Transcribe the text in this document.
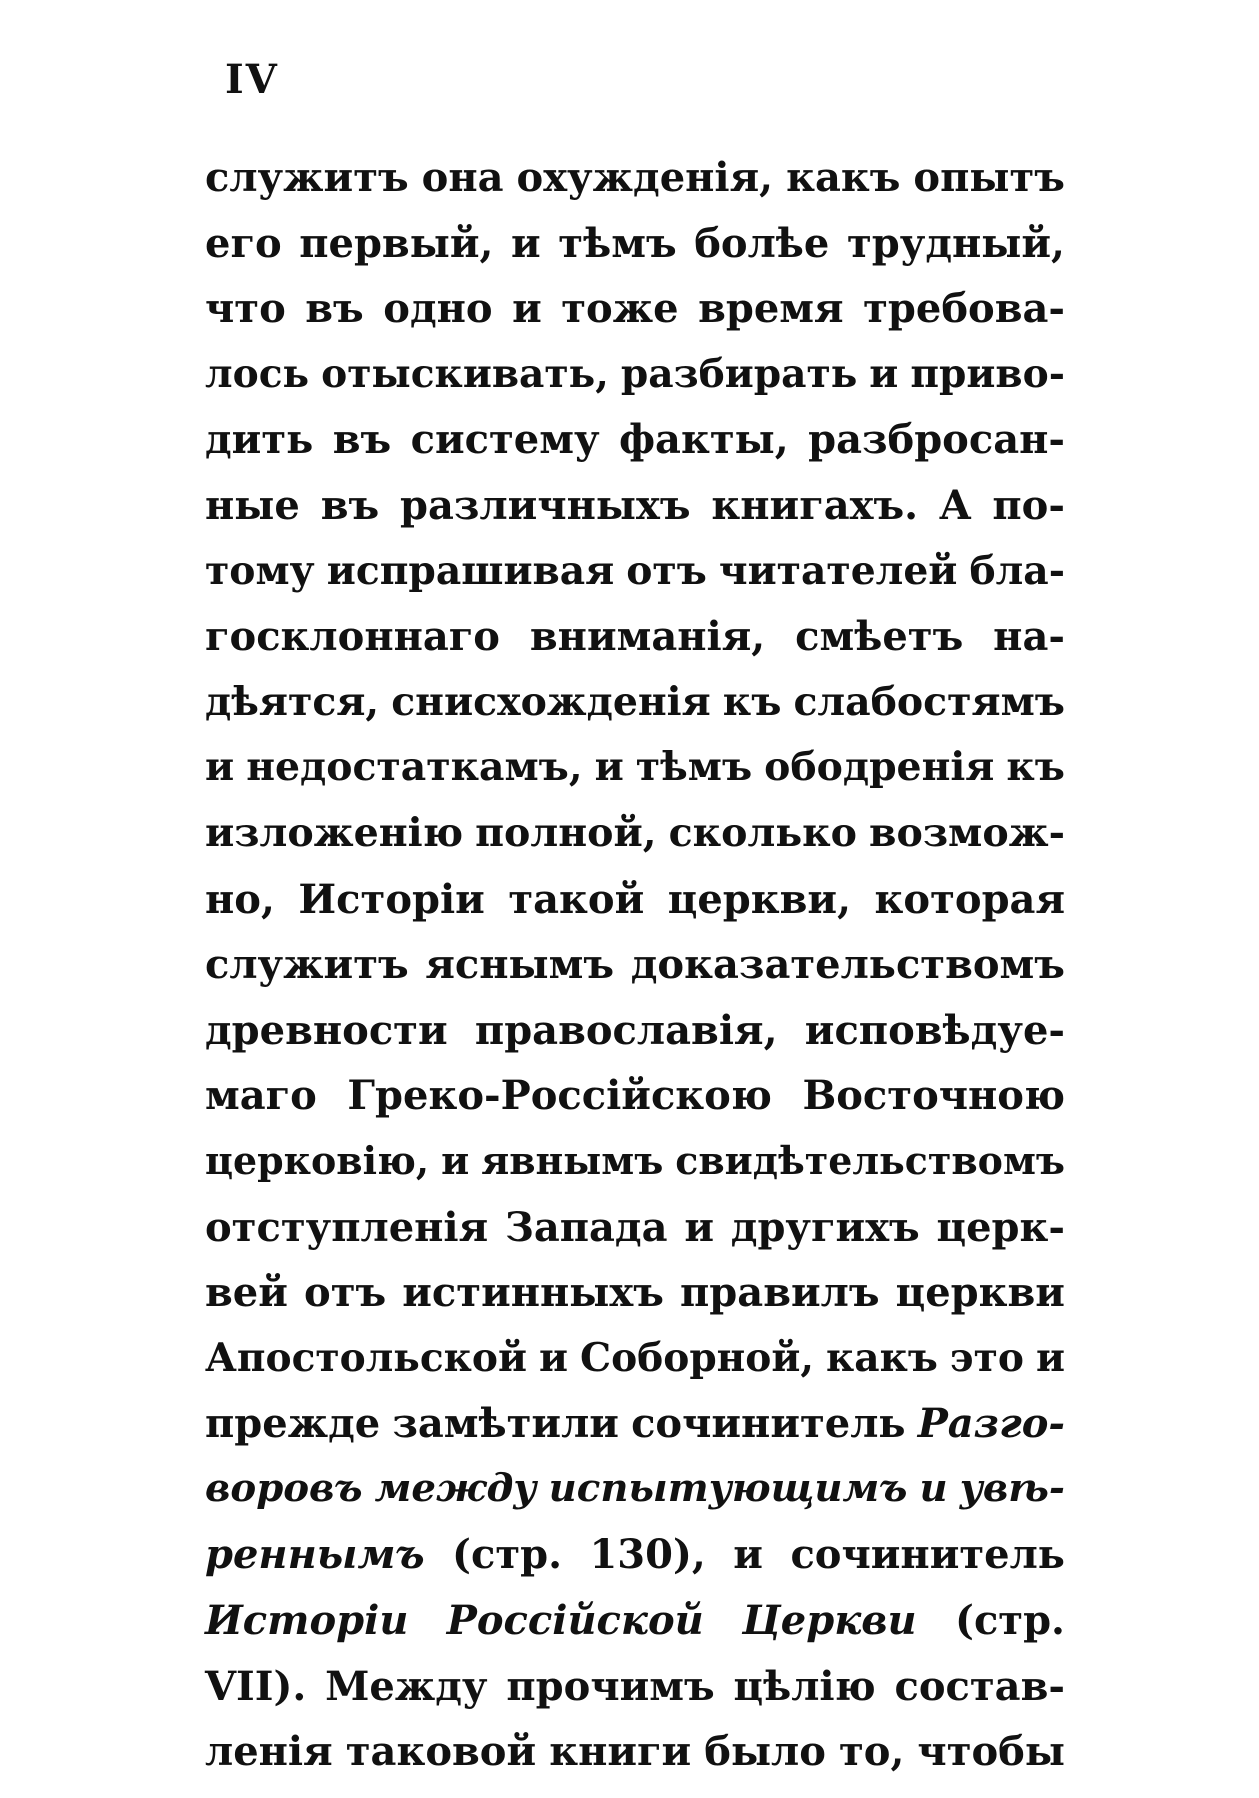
IV
служитъ она охужденія, какъ опытъ
его первый, и тѣмъ болѣе трудный,
что въ одно и тоже время требова-
лось отыскивать, разбирать и приво-
дить въ систему факты, разбросан-
ные въ различныхъ книгахъ. А по-
тому испрашивая отъ читателей бла-
госклоннаго вниманія, смѣетъ на-
дѣятся, снисхожденія къ слабостямъ
и недостаткамъ, и тѣмъ ободренія къ
изложенію полной, сколько возмож-
но, Исторіи такой церкви, которая
служитъ яснымъ доказательствомъ
древности православія, исповѣдуе-
маго Греко-Россійскою Восточною
церковію, и явнымъ свидѣтельствомъ
отступленія Запада и другихъ церк-
вей отъ истинныхъ правилъ церкви
Апостольской и Соборной, какъ это и
прежде замѣтили сочинитель Разго-
воровъ между испытующимъ и увѣ-
реннымъ (стр. 130), и сочинитель
Исторіи Россійской Церкви (стр.
VII). Между прочимъ цѣлію состав-
ленія таковой книги было то, чтобы
